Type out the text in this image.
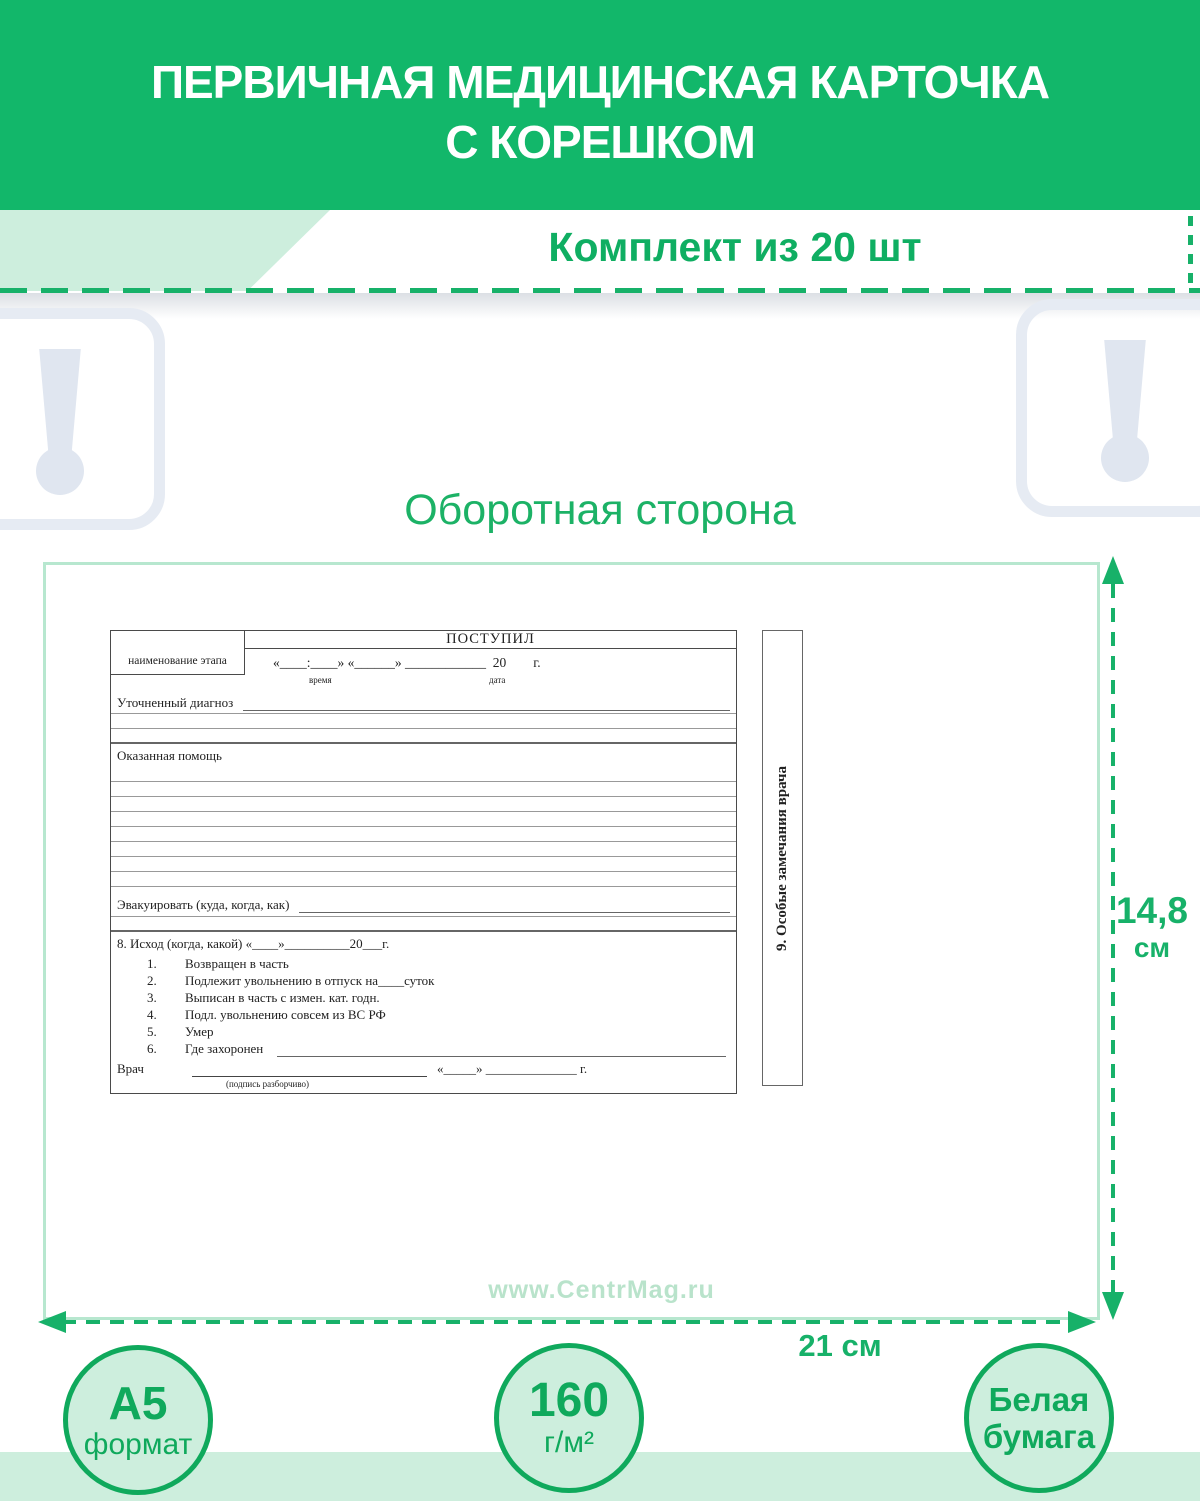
ПЕРВИЧНАЯ МЕДИЦИНСКАЯ КАРТОЧКА
С КОРЕШКОМ
Комплект из 20 шт
Оборотная сторона
наименование этапа
ПОСТУПИЛ
«____:____» «______» ____________  20        г.
время	дата
Уточненный диагноз
Оказанная помощь
Эвакуировать (куда, когда, как)
8. Исход (когда, какой) «____»__________20___г.
1.	Возвращен в часть
2.	Подлежит увольнению в отпуск на____суток
3.	Выписан в часть с измен. кат. годн.
4.	Подл. увольнению совсем из ВС РФ
5.	Умер
6.	Где захоронен
Врач
(подпись разборчиво)
«_____» ______________ г.
9. Особые замечания врача
www.CentrMag.ru
14,8
см
21 см
А5
формат
160
г/м²
Белая
бумага
